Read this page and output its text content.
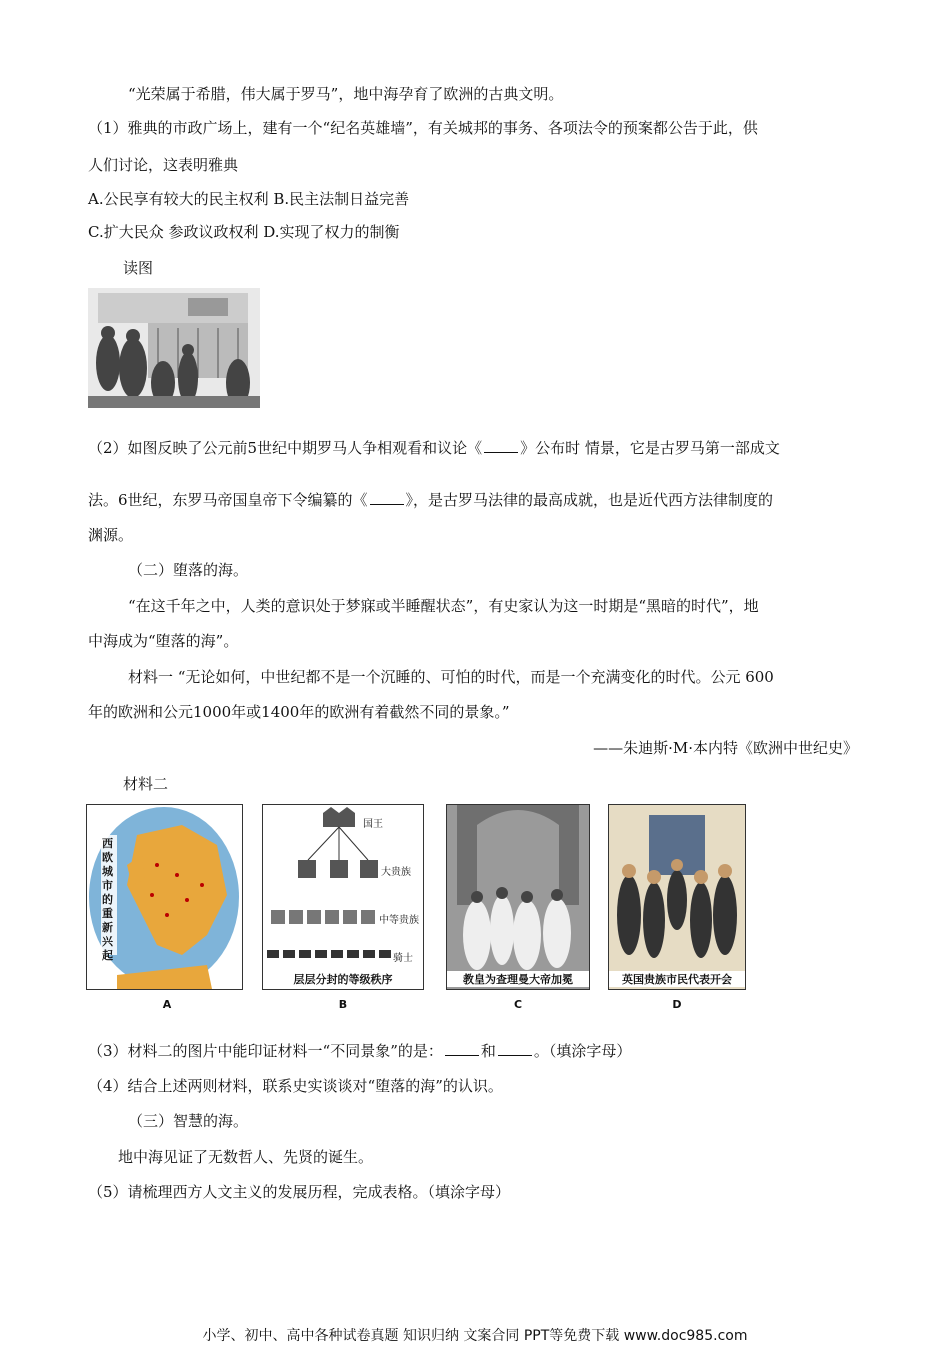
“光荣属于希腊，伟大属于罗马”，地中海孕育了欧洲的古典文明。
（1）雅典的市政广场上，建有一个“纪名英雄墙”，有关城邦的事务、各项法令的预案都公告于此，供
人们讨论，这表明雅典
A.公民享有较大的民主权利 B.民主法制日益完善
C.扩大民众 参政议政权利 D.实现了权力的制衡
读图
（2）如图反映了公元前5世纪中期罗马人争相观看和议论《	》公布时 情景，它是古罗马第一部成文
法。6世纪，东罗马帝国皇帝下令编纂的《	》，是古罗马法律的最高成就，也是近代西方法律制度的
渊源。
（二）堕落的海。
“在这千年之中，人类的意识处于梦寐或半睡醒状态”，有史家认为这一时期是“黑暗的时代”，地
中海成为“堕落的海”。
材料一 “无论如何，中世纪都不是一个沉睡的、可怕的时代，而是一个充满变化的时代。公元 600
年的欧洲和公元1000年或1400年的欧洲有着截然不同的景象。”
——朱迪斯·M·本内特《欧洲中世纪史》
材料二
西欧城市的重新兴起
国王
大贵族
中等贵族
骑士
层层分封的等级秩序	教皇为查理曼大帝加冕	英国贵族市民代表开会
A	B	C	D
（3）材料二的图片中能印证材料一“不同景象”的是：	和	。（填涂字母）
（4）结合上述两则材料，联系史实谈谈对“堕落的海”的认识。
（三）智慧的海。
地中海见证了无数哲人、先贤的诞生。
（5）请梳理西方人文主义的发展历程，完成表格。（填涂字母）
小学、初中、高中各种试卷真题 知识归纳 文案合同 PPT等免费下载 www.doc985.com
